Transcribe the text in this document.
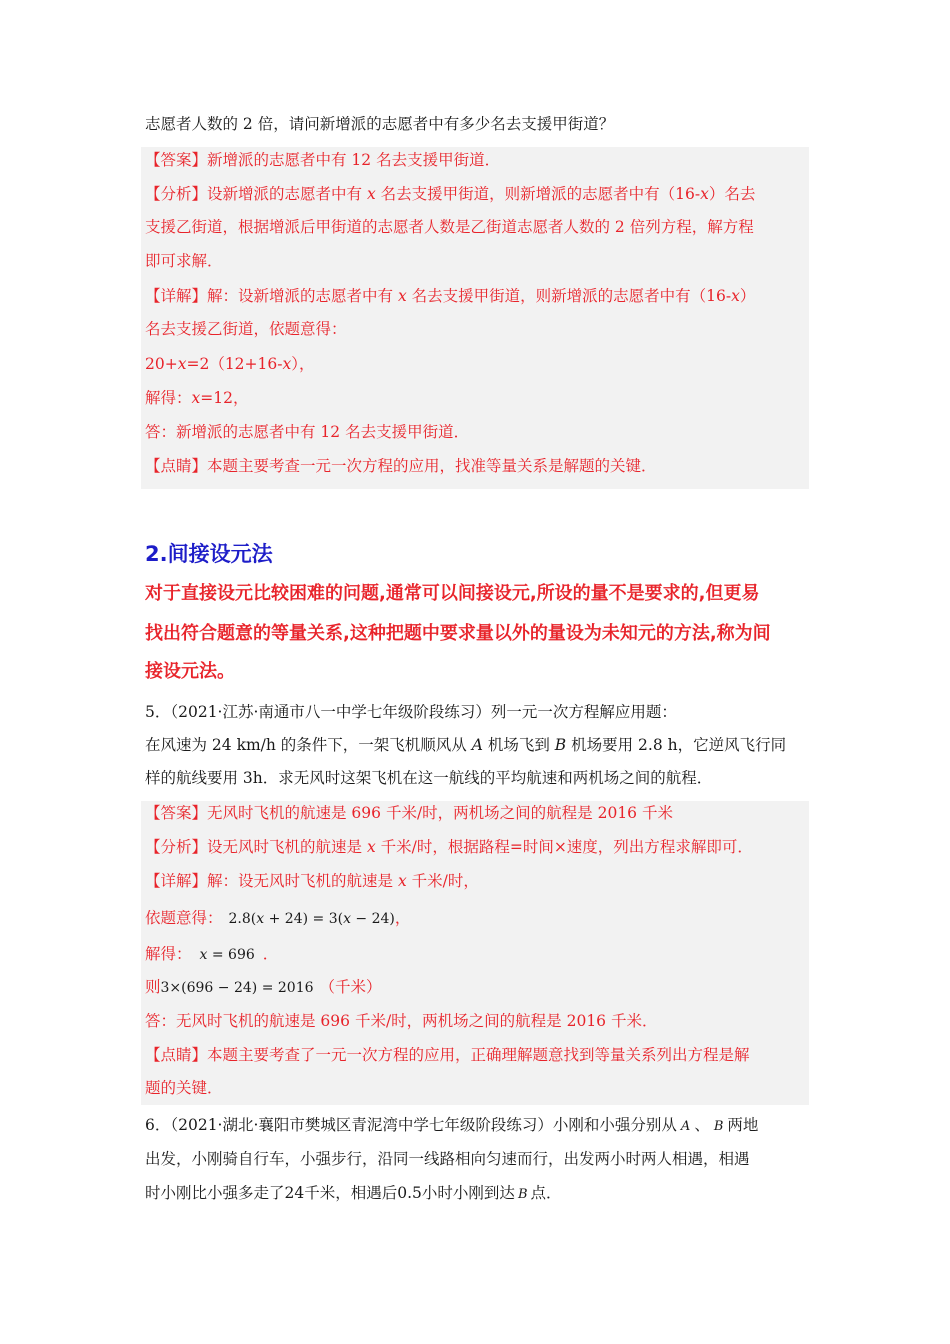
志愿者人数的 2 倍，请问新增派的志愿者中有多少名去支援甲街道？
【答案】新增派的志愿者中有 12 名去支援甲街道．
【分析】设新增派的志愿者中有 x 名去支援甲街道，则新增派的志愿者中有（16-x）名去
支援乙街道，根据增派后甲街道的志愿者人数是乙街道志愿者人数的 2 倍列方程，解方程
即可求解．
【详解】解：设新增派的志愿者中有 x 名去支援甲街道，则新增派的志愿者中有（16-x）
名去支援乙街道，依题意得：
20+x=2（12+16-x），
解得：x=12，
答：新增派的志愿者中有 12 名去支援甲街道．
【点睛】本题主要考查一元一次方程的应用，找准等量关系是解题的关键．
2.间接设元法
对于直接设元比较困难的问题,通常可以间接设元,所设的量不是要求的,但更易
找出符合题意的等量关系,这种把题中要求量以外的量设为未知元的方法,称为间
接设元法。
5．（2021·江苏·南通市八一中学七年级阶段练习）列一元一次方程解应用题：
在风速为 24 km/h 的条件下，一架飞机顺风从 A 机场飞到 B 机场要用 2.8 h，它逆风飞行同
样的航线要用 3h．求无风时这架飞机在这一航线的平均航速和两机场之间的航程．
【答案】无风时飞机的航速是 696 千米/时，两机场之间的航程是 2016 千米
【分析】设无风时飞机的航速是 x 千米/时，根据路程=时间×速度，列出方程求解即可．
【详解】解：设无风时飞机的航速是 x 千米/时，
依题意得： 2.8(x + 24) = 3(x − 24)，
解得： x = 696 ．
则3×(696 − 24) = 2016 （千米）
答：无风时飞机的航速是 696 千米/时，两机场之间的航程是 2016 千米．
【点睛】本题主要考查了一元一次方程的应用，正确理解题意找到等量关系列出方程是解
题的关键．
6．（2021·湖北·襄阳市樊城区青泥湾中学七年级阶段练习）小刚和小强分别从 A 、 B 两地
出发，小刚骑自行车，小强步行，沿同一线路相向匀速而行，出发两小时两人相遇，相遇
时小刚比小强多走了24千米，相遇后0.5小时小刚到达 B 点．
